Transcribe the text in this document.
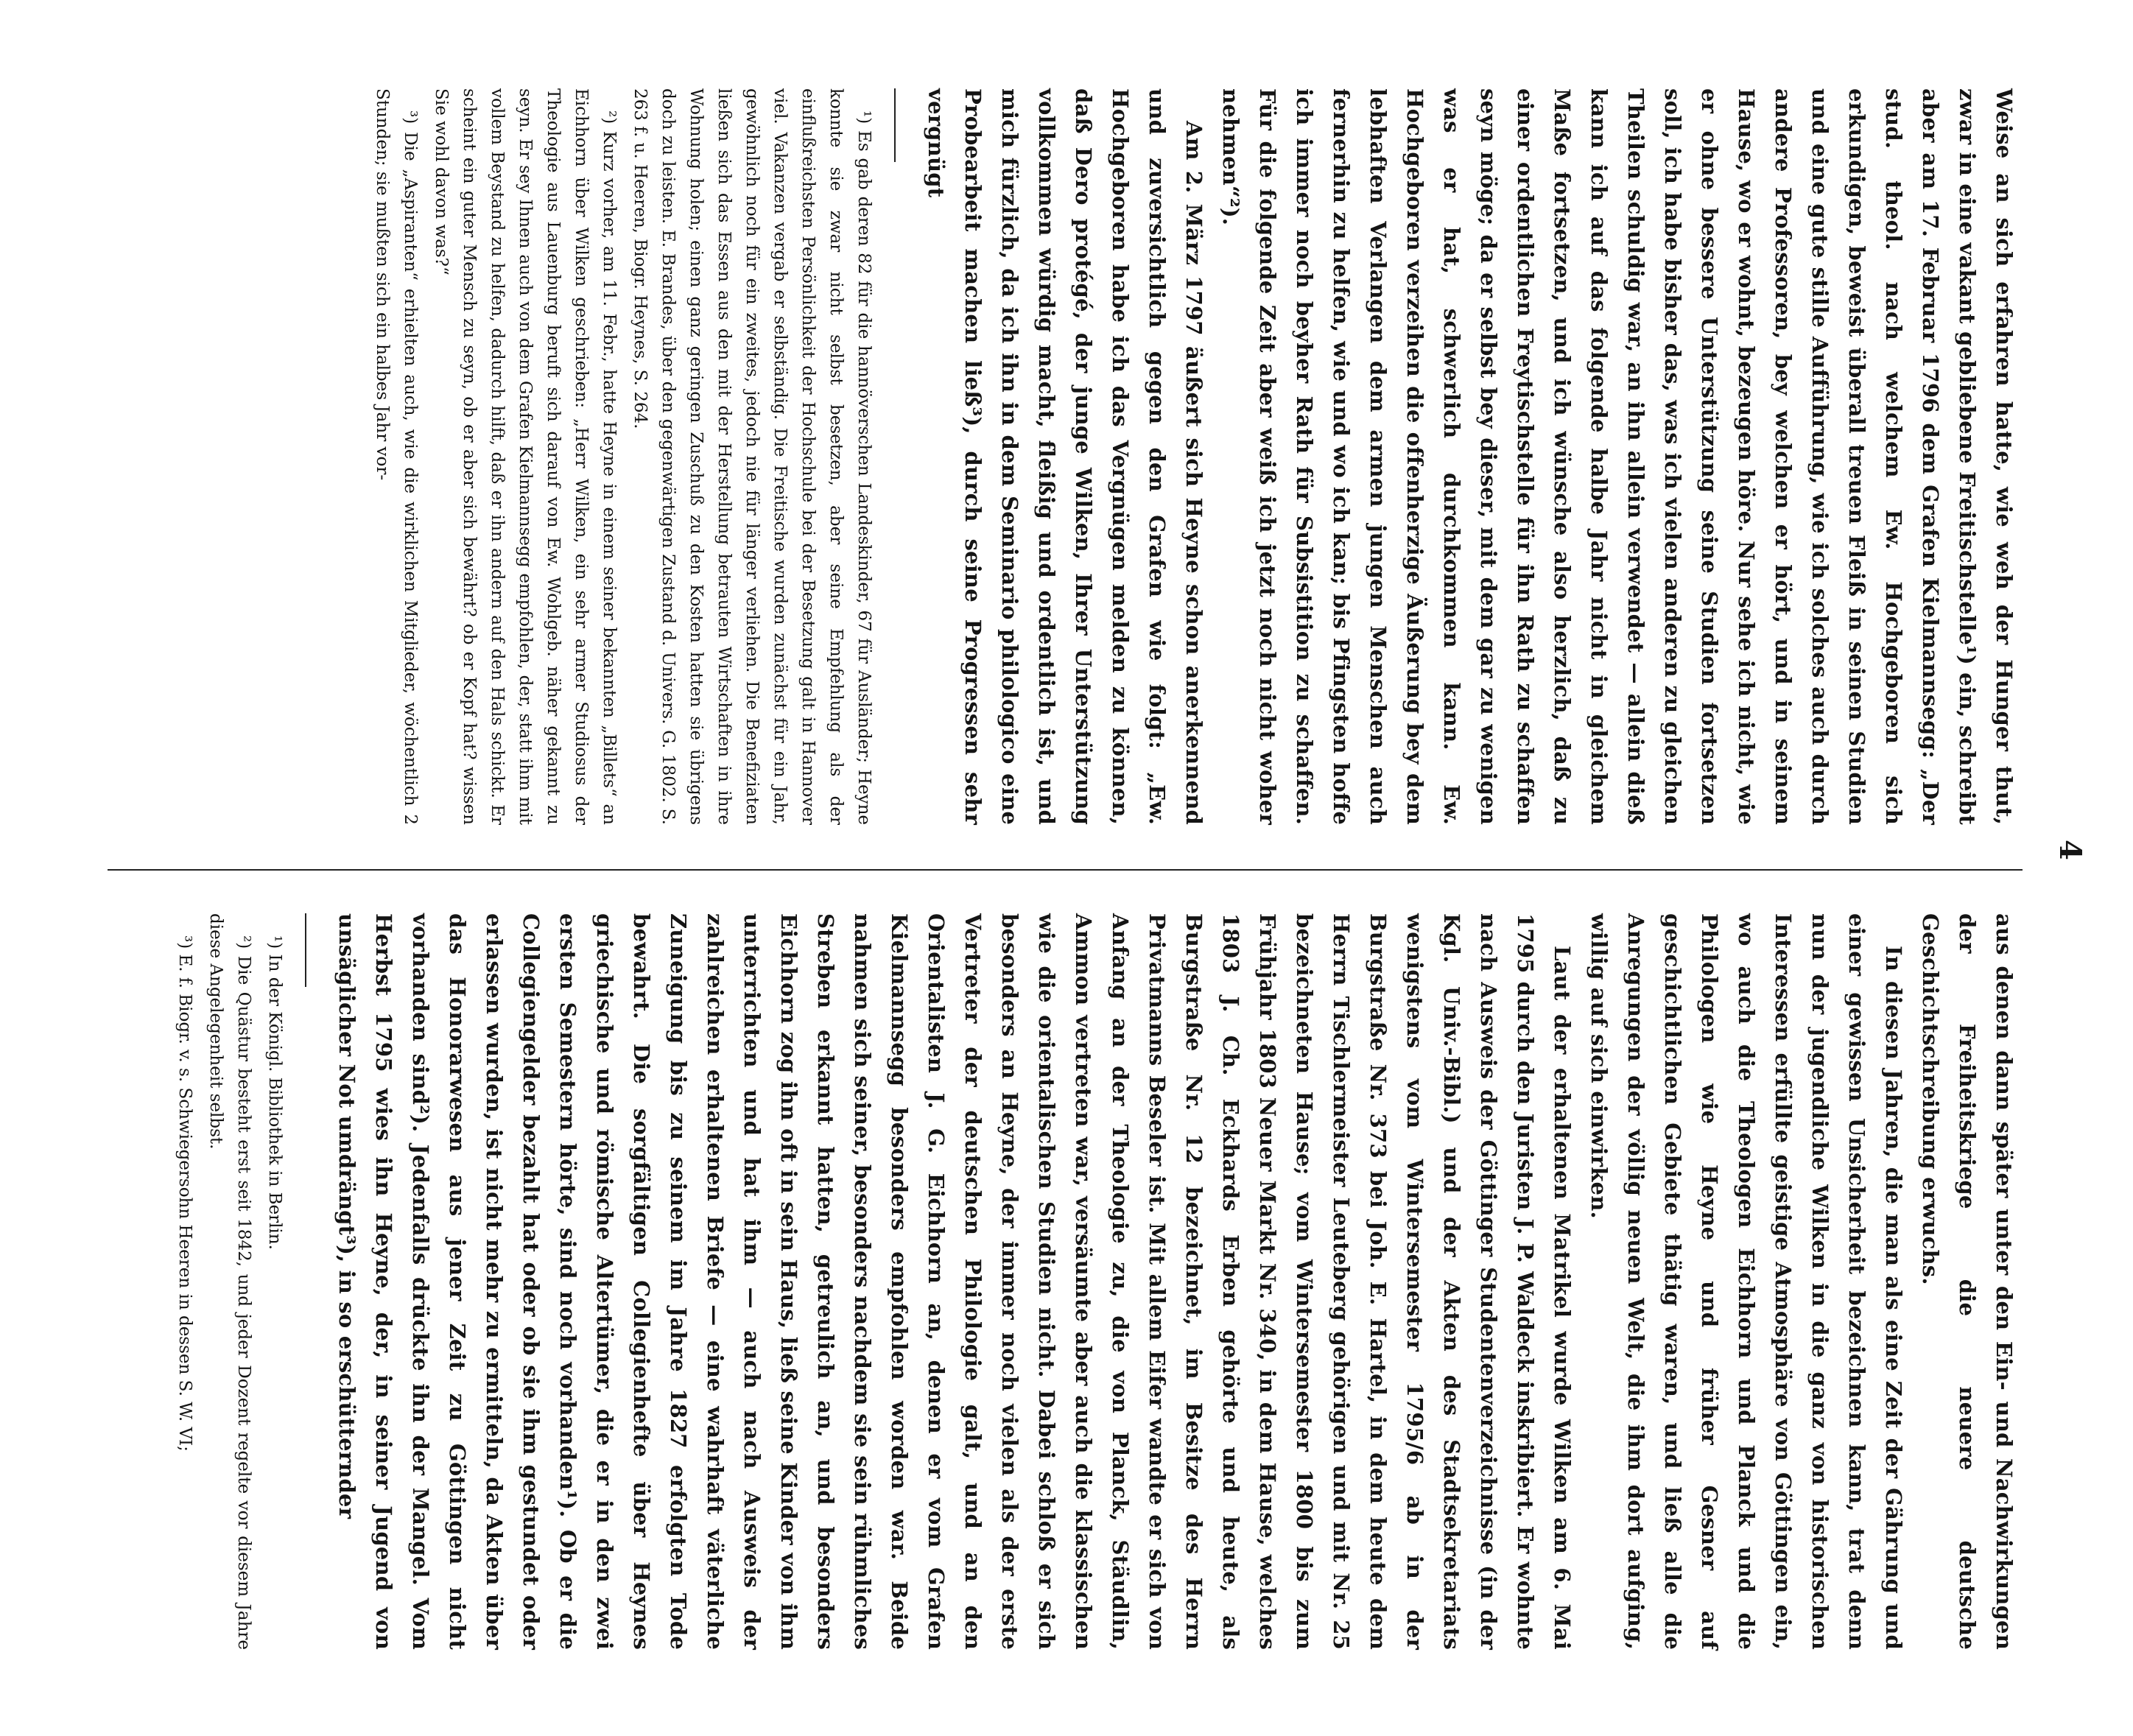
4

Weise an sich erfahren hatte, wie weh der Hunger thut, zwar in eine vakant gebliebene Freitischstelle¹) ein, schreibt aber am 17. Februar 1796 dem Grafen Kielmannsegg: „Der stud. theol. nach welchem Ew. Hochgeboren sich erkundigen, beweist überall treuen Fleiß in seinen Studien und eine gute stille Aufführung, wie ich solches auch durch andere Professoren, bey welchen er hört, und in seinem Hause, wo er wohnt, bezeugen höre. Nur sehe ich nicht, wie er ohne bessere Unterstützung seine Studien fortsetzen soll, ich habe bisher das, was ich vielen anderen zu gleichen Theilen schuldig war, an ihn allein verwendet — allein dieß kann ich auf das folgende halbe Jahr nicht in gleichem Maße fortsetzen, und ich wünsche also herzlich, daß zu einer ordentlichen Freytischstelle für ihn Rath zu schaffen seyn möge; da er selbst bey dieser, mit dem gar zu wenigen was er hat, schwerlich durchkommen kann. Ew. Hochgeboren verzeihen die offenherzige Äußerung bey dem lebhaften Verlangen dem armen jungen Menschen auch fernerhin zu helfen, wie und wo ich kan; bis Pfingsten hoffe ich immer noch beyher Rath für Subsistition zu schaffen. Für die folgende Zeit aber weiß ich jetzt noch nicht woher nehmen“²).

Am 2. März 1797 äußert sich Heyne schon anerkennend und zuversichtlich gegen den Grafen wie folgt: „Ew. Hochgeboren habe ich das Vergnügen melden zu können, daß Dero protégé, der junge Wilken, Ihrer Unterstützung vollkommen würdig macht, fleißig und ordentlich ist, und mich fürzlich, da ich ihn in dem Seminario philologico eine Probearbeit machen ließ³), durch seine Progressen sehr vergnügt

¹) Es gab deren 82 für die hannöverschen Landeskinder, 67 für Ausländer; Heyne konnte sie zwar nicht selbst besetzen, aber seine Empfehlung als der einflußreichsten Persönlichkeit der Hochschule bei der Besetzung galt in Hannover viel. Vakanzen vergab er selbständig. Die Freitische wurden zunächst für ein Jahr, gewöhnlich noch für ein zweites, jedoch nie für länger verliehen. Die Benefiziaten ließen sich das Essen aus den mit der Herstellung betrauten Wirtschaften in ihre Wohnung holen; einen ganz geringen Zuschuß zu den Kosten hatten sie übrigens doch zu leisten. E. Brandes, über den gegenwärtigen Zustand d. Univers. G. 1802. S. 263 f. u. Heeren, Biogr. Heynes, S. 264.

²) Kurz vorher, am 11. Febr., hatte Heyne in einem seiner bekannten „Billets“ an Eichhorn über Wilken geschrieben: „Herr Wilken, ein sehr armer Studiosus der Theologie aus Lauenburg beruft sich darauf von Ew. Wohlgeb. näher gekannt zu seyn. Er sey Ihnen auch von dem Grafen Kielmannsegg empfohlen, der, statt ihm mit vollem Beystand zu helfen, dadurch hilft, daß er ihn andern auf den Hals schickt. Er scheint ein guter Mensch zu seyn, ob er aber sich bewährt? ob er Kopf hat? wissen Sie wohl davon was?“

³) Die „Aspiranten“ erhielten auch, wie die wirklichen Mitglieder, wöchentlich 2 Stunden; sie mußten sich ein halbes Jahr vor-

aus denen dann später unter den Ein- und Nachwirkungen der Freiheitskriege die neuere deutsche Geschichtschreibung erwuchs.

In diesen Jahren, die man als eine Zeit der Gährung und einer gewissen Unsicherheit bezeichnen kann, trat denn nun der jugendliche Wilken in die ganz von historischen Interessen erfüllte geistige Atmosphäre von Göttingen ein, wo auch die Theologen Eichhorn und Planck und die Philologen wie Heyne und früher Gesner auf geschichtlichen Gebiete thätig waren, und ließ alle die Anregungen der völlig neuen Welt, die ihm dort aufging, willig auf sich einwirken.

Laut der erhaltenen Matrikel wurde Wilken am 6. Mai 1795 durch den Juristen J. P. Waldeck inskribiert. Er wohnte nach Ausweis der Göttinger Studentenverzeichnisse (in der Kgl. Univ.-Bibl.) und der Akten des Stadtsekretariats wenigstens vom Wintersemester 1795/6 ab in der Burgstraße Nr. 373 bei Joh. E. Hartel, in dem heute dem Herrn Tischlermeister Leuteberg gehörigen und mit Nr. 25 bezeichneten Hause; vom Wintersemester 1800 bis zum Frühjahr 1803 Neuer Markt Nr. 340, in dem Hause, welches 1803 J. Ch. Eckhards Erben gehörte und heute, als Burgstraße Nr. 12 bezeichnet, im Besitze des Herrn Privatmanns Beseler ist. Mit allem Eifer wandte er sich von Anfang an der Theologie zu, die von Planck, Stäudlin, Ammon vertreten war, versäumte aber auch die klassischen wie die orientalischen Studien nicht. Dabei schloß er sich besonders an Heyne, der immer noch vielen als der erste Vertreter der deutschen Philologie galt, und an den Orientalisten J. G. Eichhorn an, denen er vom Grafen Kielmannsegg besonders empfohlen worden war. Beide nahmen sich seiner, besonders nachdem sie sein rühmliches Streben erkannt hatten, getreulich an, und besonders Eichhorn zog ihn oft in sein Haus, ließ seine Kinder von ihm unterrichten und hat ihm — auch nach Ausweis der zahlreichen erhaltenen Briefe — eine wahrhaft väterliche Zuneigung bis zu seinem im Jahre 1827 erfolgten Tode bewahrt. Die sorgfältigen Collegienhefte über Heynes griechische und römische Altertümer, die er in den zwei ersten Semestern hörte, sind noch vorhanden¹). Ob er die Collegiengelder bezahlt hat oder ob sie ihm gestundet oder erlassen wurden, ist nicht mehr zu ermitteln, da Akten über das Honorarwesen aus jener Zeit zu Göttingen nicht vorhanden sind²). Jedenfalls drückte ihn der Mangel. Vom Herbst 1795 wies ihn Heyne, der, in seiner Jugend von unsäglicher Not umdrängt³), in so erschütternder

¹) In der Königl. Bibliothek in Berlin.

²) Die Quästur besteht erst seit 1842, und jeder Dozent regelte vor diesem Jahre diese Angelegenheit selbst.

³) E. f. Biogr. v. s. Schwiegersohn Heeren in dessen S. W. VI;
